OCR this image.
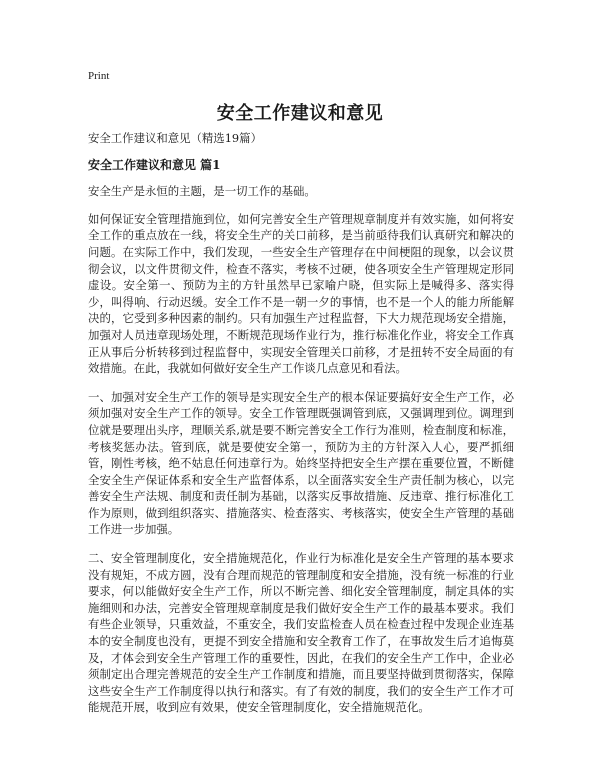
Print
安全工作建议和意见

安全工作建议和意见（精选19篇）

安全工作建议和意见 篇1

安全生产是永恒的主题，是一切工作的基础。

如何保证安全管理措施到位，如何完善安全生产管理规章制度并有效实施，如何将安全工作的重点放在一线，将安全生产的关口前移，是当前亟待我们认真研究和解决的问题。在实际工作中，我们发现，一些安全生产管理存在中间梗阻的现象，以会议贯彻会议，以文件贯彻文件，检查不落实，考核不过硬，使各项安全生产管理规定形同虚设。安全第一、预防为主的方针虽然早已家喻户晓，但实际上是喊得多、落实得少，叫得响、行动迟缓。安全工作不是一朝一夕的事情，也不是一个人的能力所能解决的，它受到多种因素的制约。只有加强生产过程监督，下大力规范现场安全措施，加强对人员违章现场处理，不断规范现场作业行为，推行标准化作业，将安全工作真正从事后分析转移到过程监督中，实现安全管理关口前移，才是扭转不安全局面的有效措施。在此，我就如何做好安全生产工作谈几点意见和看法。

一、加强对安全生产工作的领导是实现安全生产的根本保证要搞好安全生产工作，必须加强对安全生产工作的领导。安全工作管理既强调管到底，又强调理到位。调理到位就是要理出头序，理顺关系,就是要不断完善安全工作行为准则，检查制度和标准，考核奖惩办法。管到底，就是要使安全第一，预防为主的方针深入人心，要严抓细管，刚性考核，绝不姑息任何违章行为。始终坚持把安全生产摆在重要位置，不断健全安全生产保证体系和安全生产监督体系，以全面落实安全生产责任制为核心，以完善安全生产法规、制度和责任制为基础，以落实反事故措施、反违章、推行标准化工作为原则，做到组织落实、措施落实、检查落实、考核落实，使安全生产管理的基础工作进一步加强。

二、安全管理制度化，安全措施规范化，作业行为标准化是安全生产管理的基本要求没有规矩，不成方圆，没有合理而规范的管理制度和安全措施，没有统一标准的行业要求，何以能做好安全生产工作，所以不断完善、细化安全管理制度，制定具体的实施细则和办法，完善安全管理规章制度是我们做好安全生产工作的最基本要求。我们有些企业领导，只重效益，不重安全，我们安监检查人员在检查过程中发现企业连基本的安全制度也没有，更提不到安全措施和安全教育工作了，在事故发生后才追悔莫及，才体会到安全生产管理工作的重要性，因此，在我们的安全生产工作中，企业必须制定出合理完善规范的安全生产工作制度和措施，而且要坚持做到贯彻落实，保障这些安全生产工作制度得以执行和落实。有了有效的制度，我们的安全生产工作才可能规范开展，收到应有效果，使安全管理制度化，安全措施规范化。
